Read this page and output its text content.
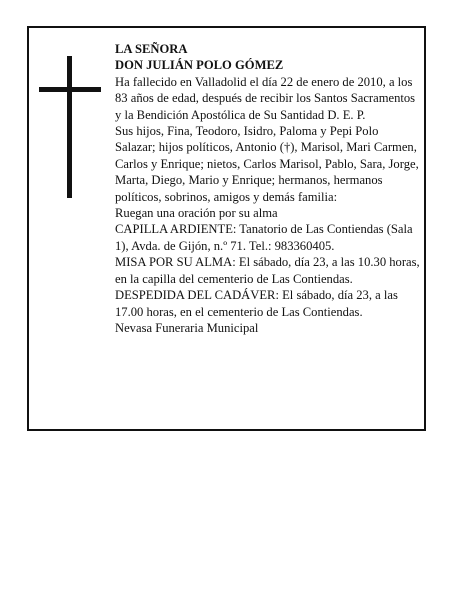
LA SEÑORA

DON JULIÁN POLO GÓMEZ

Ha fallecido en Valladolid el día 22 de enero de 2010, a los 83 años de edad, después de recibir los Santos Sacramentos y la Bendición Apostólica de Su Santidad D. E. P.

Sus hijos, Fina, Teodoro, Isidro, Paloma y Pepi Polo Salazar; hijos políticos, Antonio (†), Marisol, Mari Carmen, Carlos y Enrique; nietos, Carlos Marisol, Pablo, Sara, Jorge, Marta, Diego, Mario y Enrique; hermanos, hermanos políticos, sobrinos, amigos y demás familia:

Ruegan una oración por su alma

CAPILLA ARDIENTE: Tanatorio de Las Contiendas (Sala 1), Avda. de Gijón, n.º 71. Tel.: 983360405.

MISA POR SU ALMA: El sábado, día 23, a las 10.30 horas, en la capilla del cementerio de Las Contiendas.

DESPEDIDA DEL CADÁVER: El sábado, día 23, a las 17.00 horas, en el cementerio de Las Contiendas.

Nevasa Funeraria Municipal
